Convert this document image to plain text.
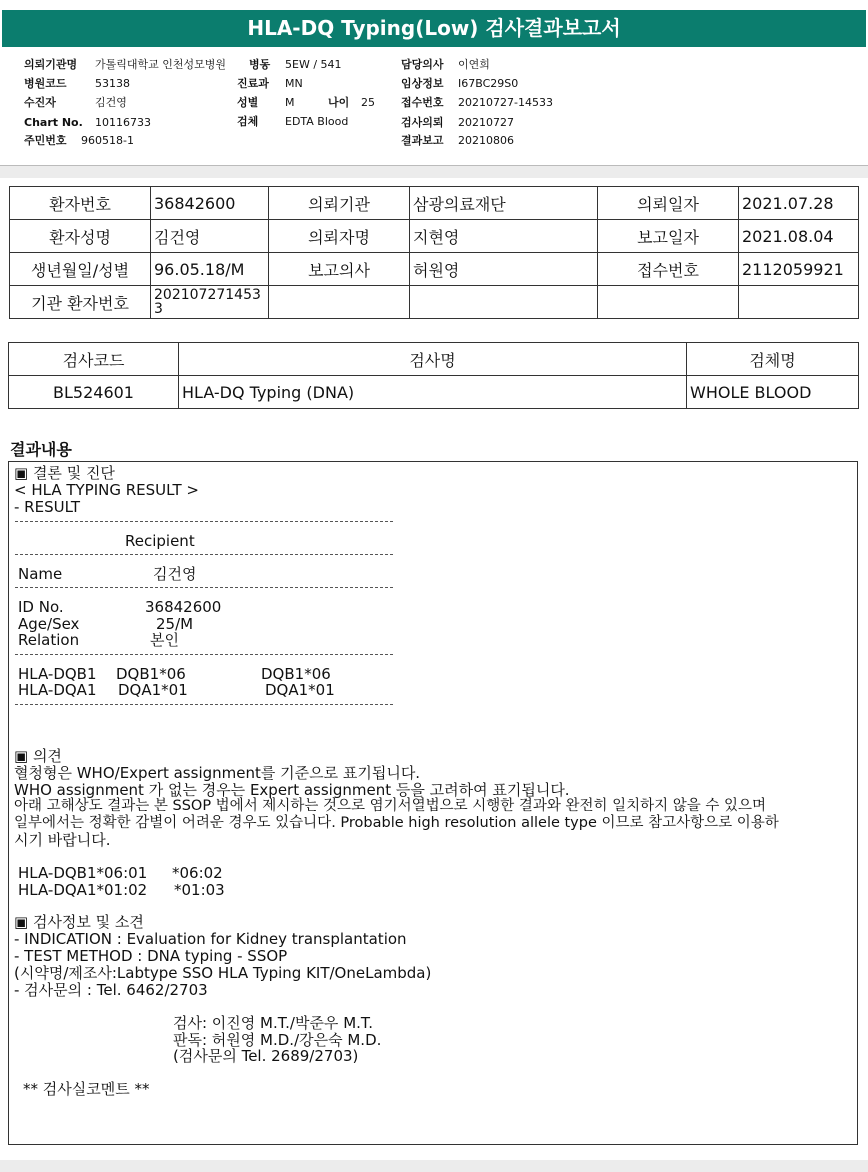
HLA-DQ Typing(Low) 검사결과보고서
의뢰기관명 가톨릭대학교 인천성모병원
병원코드	53138
수진자	김건영
Chart No. 10116733
주민번호 960518-1
병동 5EW / 541
진료과 MN
성별 M	나이 25
검체 EDTA Blood
담당의사 이연희
임상정보 I67BC29S0
접수번호 20210727-14533
검사의뢰 20210727
결과보고 20210806
환자번호	36842600	의뢰기관	삼광의료재단	의뢰일자	2021.07.28
환자성명	김건영	의뢰자명	지현영	보고일자	2021.08.04
생년월일/성별	96.05.18/M	보고의사	허원영	접수번호	2112059921
기관 환자번호	2021072714533				
검사코드	검사명	검체명
BL524601	HLA-DQ Typing (DNA)	WHOLE BLOOD
결과내용
▣ 결론 및 진단
< HLA TYPING RESULT >
- RESULT
Recipient
Name	김건영
ID No.	36842600
Age/Sex	25/M
Relation	본인
HLA-DQB1 DQB1*06	DQB1*06
HLA-DQA1 DQA1*01	DQA1*01
▣ 의견
혈청형은 WHO/Expert assignment를 기준으로 표기됩니다.
WHO assignment 가 없는 경우는 Expert assignment 등을 고려하여 표기됩니다.
아래 고해상도 결과는 본 SSOP 법에서 제시하는 것으로 염기서열법으로 시행한 결과와 완전히 일치하지 않을 수 있으며
일부에서는 정확한 감별이 어려운 경우도 있습니다. Probable high resolution allele type 이므로 참고사항으로 이용하
시기 바랍니다.
HLA-DQB1*06:01 *06:02
HLA-DQA1*01:02 *01:03
▣ 검사정보 및 소견
- INDICATION : Evaluation for Kidney transplantation
- TEST METHOD : DNA typing - SSOP
(시약명/제조사:Labtype SSO HLA Typing KIT/OneLambda)
- 검사문의 : Tel. 6462/2703
검사: 이진영 M.T./박준우 M.T.
판독: 허원영 M.D./강은숙 M.D.
(검사문의 Tel. 2689/2703)
** 검사실코멘트 **
